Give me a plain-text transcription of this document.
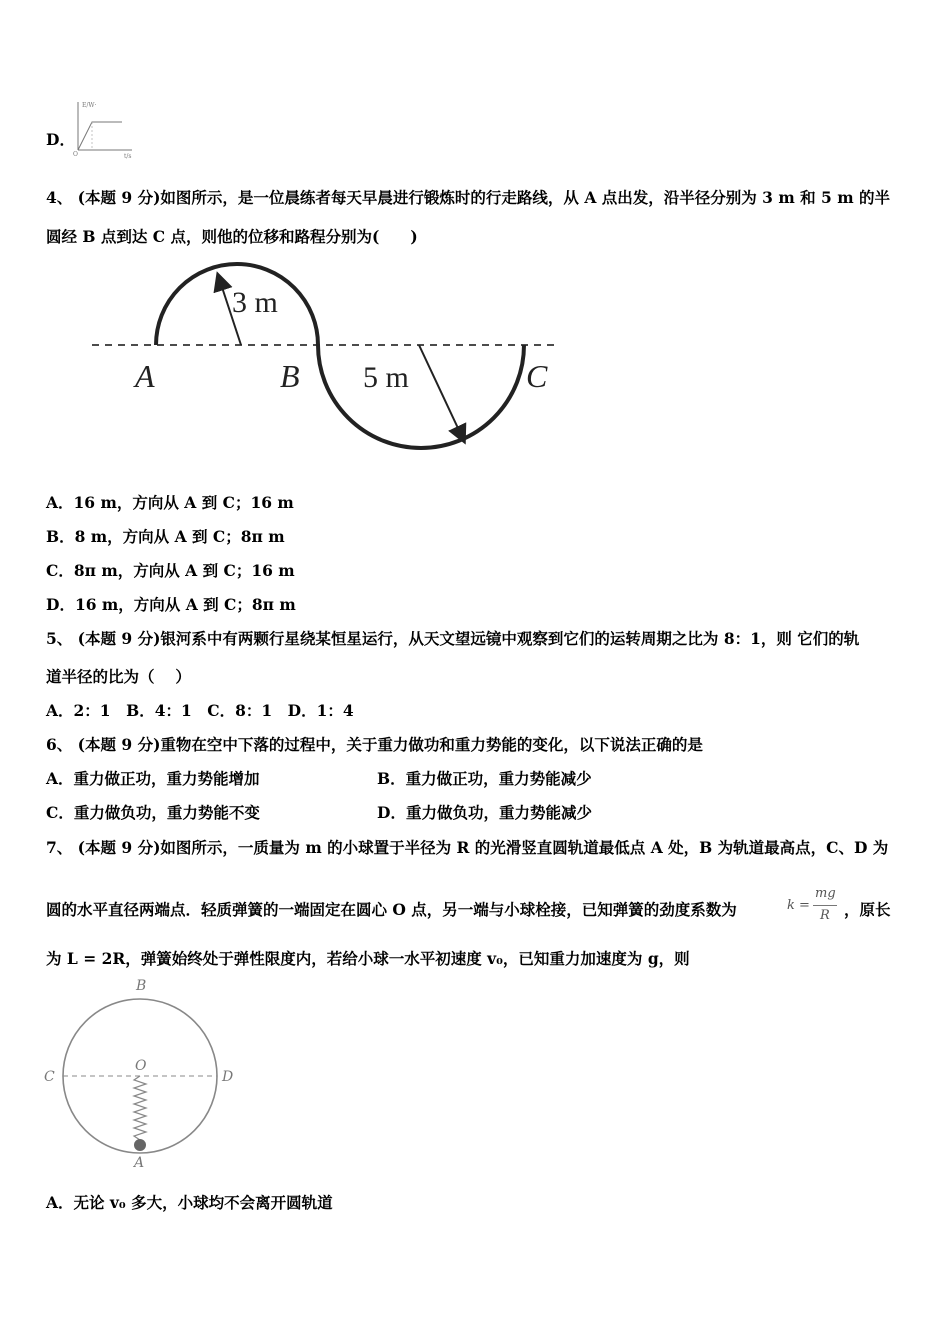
D．
E/W·
t/s
O
4、 (本题 9 分)如图所示，是一位晨练者每天早晨进行锻炼时的行走路线，从 A 点出发，沿半径分别为 3 m 和 5 m 的半
圆经 B 点到达 C 点，则他的位移和路程分别为(　　)
3 m
5 m
A	B	C
A．16 m，方向从 A 到 C；16 m
B．8 m，方向从 A 到 C；8π m
C．8π m，方向从 A 到 C；16 m
D．16 m，方向从 A 到 C；8π m
5、 (本题 9 分)银河系中有两颗行星绕某恒星运行，从天文望远镜中观察到它们的运转周期之比为 8：1，则 它们的轨
道半径的比为（　 ）
A．2：1　B．4：1　C．8：1　D．1：4
6、 (本题 9 分)重物在空中下落的过程中，关于重力做功和重力势能的变化，以下说法正确的是
A．重力做正功，重力势能增加	B．重力做正功，重力势能减少
C．重力做负功，重力势能不变	D．重力做负功，重力势能减少
7、 (本题 9 分)如图所示，一质量为 m 的小球置于半径为 R 的光滑竖直圆轨道最低点 A 处，B 为轨道最高点，C、D 为
圆的水平直径两端点．轻质弹簧的一端固定在圆心 O 点，另一端与小球栓接，已知弹簧的劲度系数为	k =
mg
R ，原长
为 L = 2R，弹簧始终处于弹性限度内，若给小球一水平初速度 v₀，已知重力加速度为 g，则
O
B
C	D
A
A．无论 v₀ 多大，小球均不会离开圆轨道
